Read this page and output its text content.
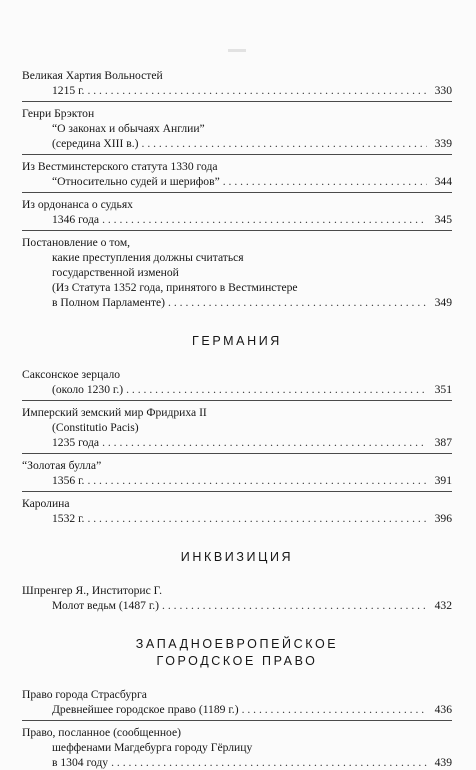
Великая Хартия Вольностей
1215 г. . . .	330
Генри Брэктон
“О законах и обычаях Англии”
(середина XIII в.) . . .	339
Из Вестминстерского статута 1330 года
“Относительно судей и шерифов” . . .	344
Из ордонанса о судьях
1346 года . . .	345
Постановление о том,
какие преступления должны считаться
государственной изменой
(Из Статута 1352 года, принятого в Вестминстере
в Полном Парламенте) . . .	349
ГЕРМАНИЯ
Саксонское зерцало
(около 1230 г.) . . .	351
Имперский земский мир Фридриха II
(Constitutio Pacis)
1235 года . . .	387
“Золотая булла”
1356 г. . . .	391
Каролина
1532 г. . . .	396
ИНКВИЗИЦИЯ
Шпренгер Я., Инститорис Г.
Молот ведьм (1487 г.) . . .	432
ЗАПАДНОЕВРОПЕЙСКОЕ
ГОРОДСКОЕ ПРАВО
Право города Страсбурга
Древнейшее городское право (1189 г.) . . .	436
Право, посланное (сообщенное)
шеффенами Магдебурга городу Гёрлицу
в 1304 году . . .	439
